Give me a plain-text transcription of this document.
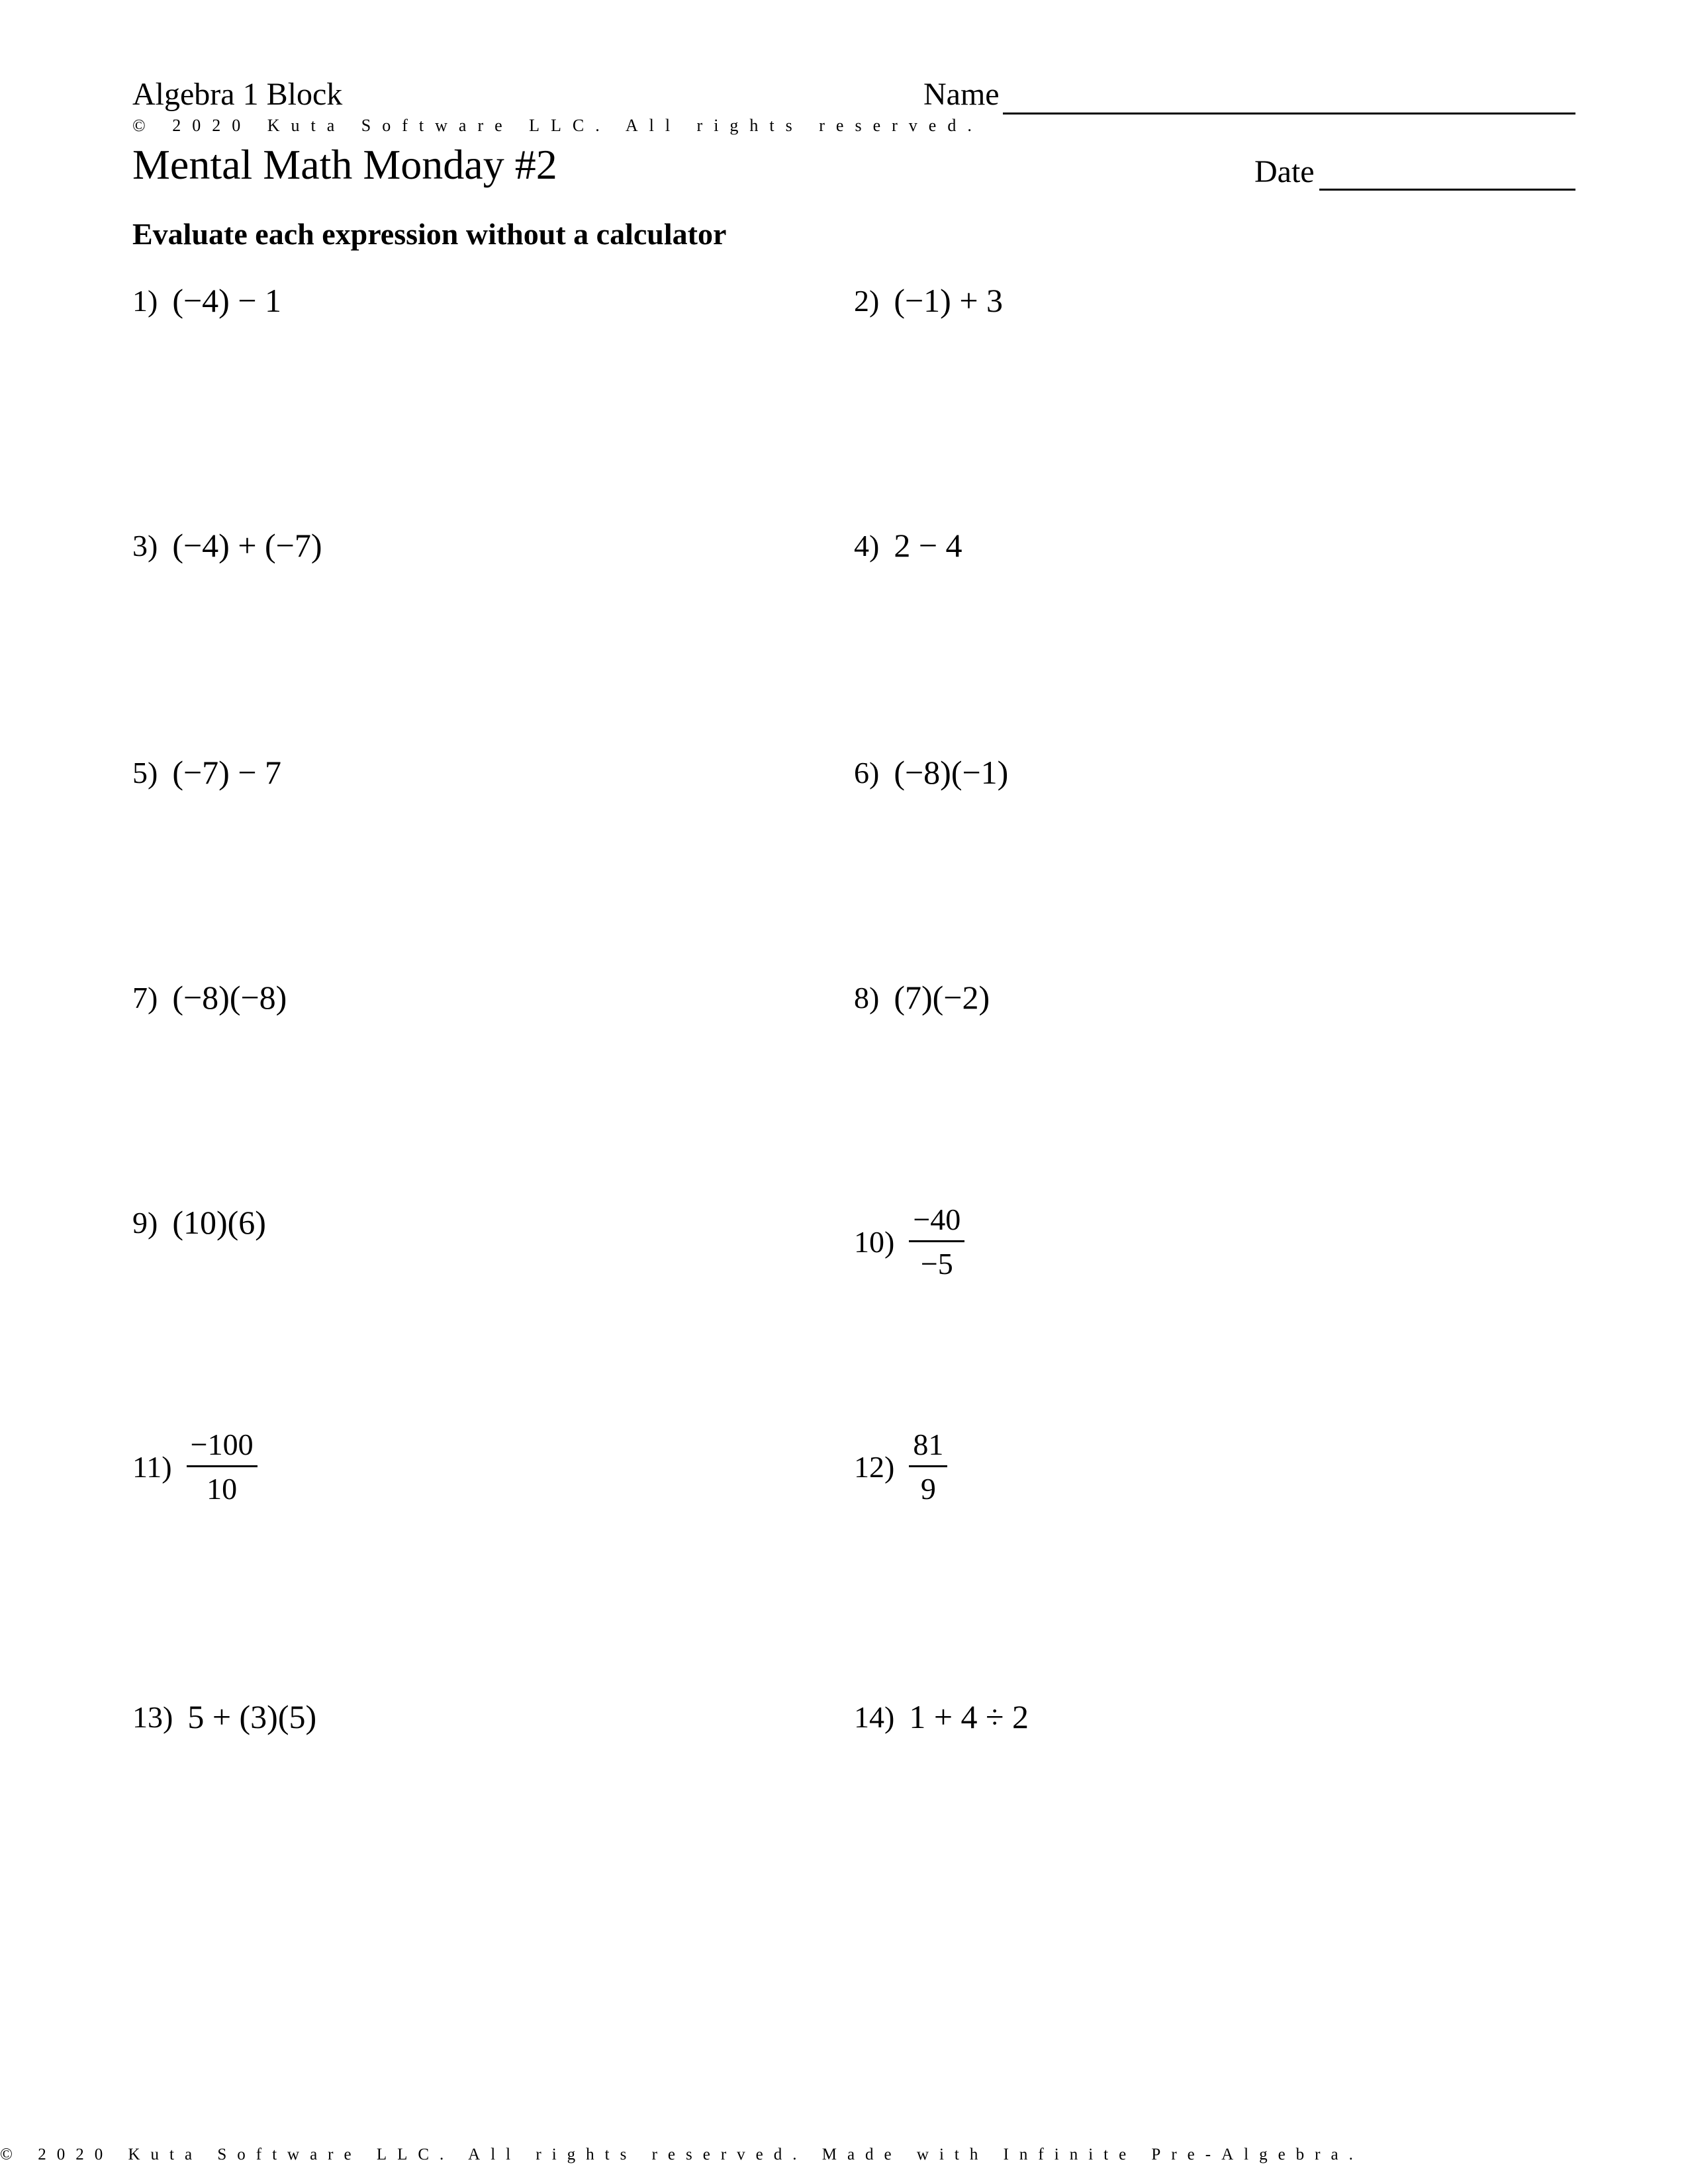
Algebra 1 Block	Name
© 2020 Kuta Software LLC. All rights reserved.
Mental Math Monday #2	Date
Evaluate each expression without a calculator
1) (−4) − 1	2) (−1) + 3
3) (−4) + (−7)	4) 2 − 4
5) (−7) − 7	6) (−8)(−1)
7) (−8)(−8)	8) (7)(−2)
9) (10)(6)
$10) \frac{-40}{-5}$
$11) \frac{-100}{10}$	$12) \frac{81}{9}$
13) 5 + (3)(5)	14) 1 + 4 ÷ 2
© 2020 Kuta Software LLC. All rights reserved. Made with Infinite Pre-Algebra.
